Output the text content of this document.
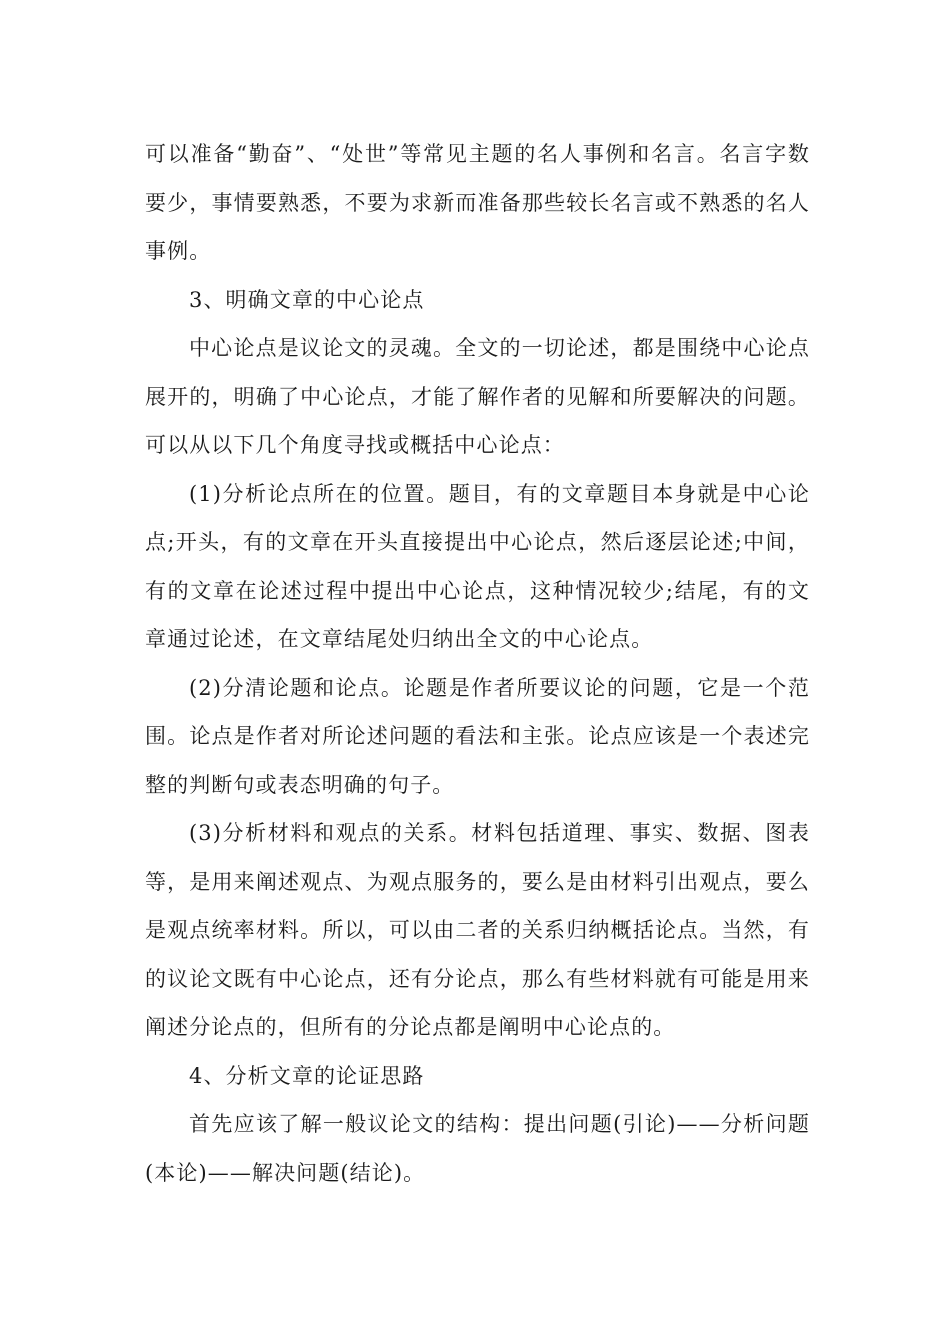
可以准备“勤奋”、“处世”等常见主题的名人事例和名言。名言字数要少，事情要熟悉，不要为求新而准备那些较长名言或不熟悉的名人事例。

3、明确文章的中心论点

中心论点是议论文的灵魂。全文的一切论述，都是围绕中心论点展开的，明确了中心论点，才能了解作者的见解和所要解决的问题。可以从以下几个角度寻找或概括中心论点：

(1)分析论点所在的位置。题目，有的文章题目本身就是中心论点;开头，有的文章在开头直接提出中心论点，然后逐层论述;中间，有的文章在论述过程中提出中心论点，这种情况较少;结尾，有的文章通过论述，在文章结尾处归纳出全文的中心论点。

(2)分清论题和论点。论题是作者所要议论的问题，它是一个范围。论点是作者对所论述问题的看法和主张。论点应该是一个表述完整的判断句或表态明确的句子。

(3)分析材料和观点的关系。材料包括道理、事实、数据、图表等，是用来阐述观点、为观点服务的，要么是由材料引出观点，要么是观点统率材料。所以，可以由二者的关系归纳概括论点。当然，有的议论文既有中心论点，还有分论点，那么有些材料就有可能是用来阐述分论点的，但所有的分论点都是阐明中心论点的。

4、分析文章的论证思路

首先应该了解一般议论文的结构：提出问题(引论)——分析问题(本论)——解决问题(结论)。
